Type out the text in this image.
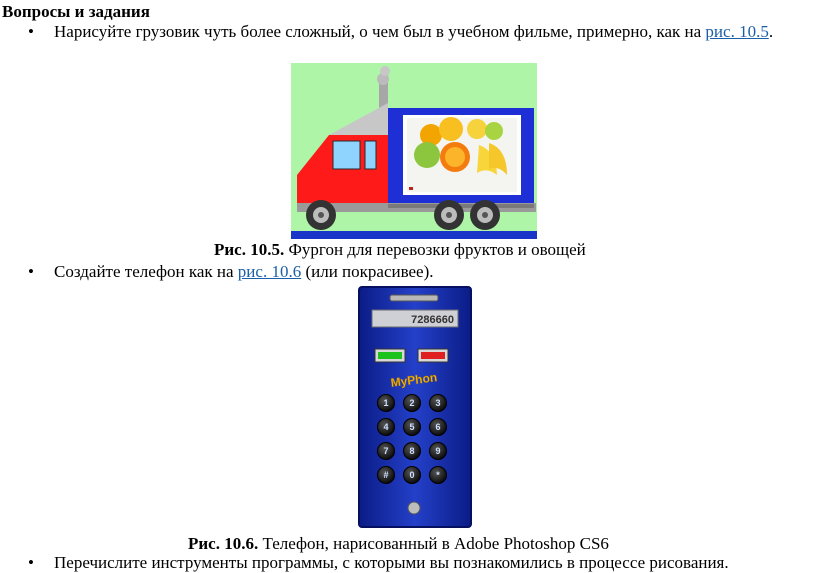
Вопросы и задания
• Нарисуйте грузовик чуть более сложный, о чем был в учебном фильме, примерно, как на рис. 10.5.
Рис. 10.5. Фургон для перевозки фруктов и овощей
• Создайте телефон как на рис. 10.6 (или покрасивее).
7286660
MyPhon
1 2 3
4 5 6
7 8 9
# 0 *
Рис. 10.6. Телефон, нарисованный в Adobe Photoshop CS6
• Перечислите инструменты программы, с которыми вы познакомились в процессе рисования.
